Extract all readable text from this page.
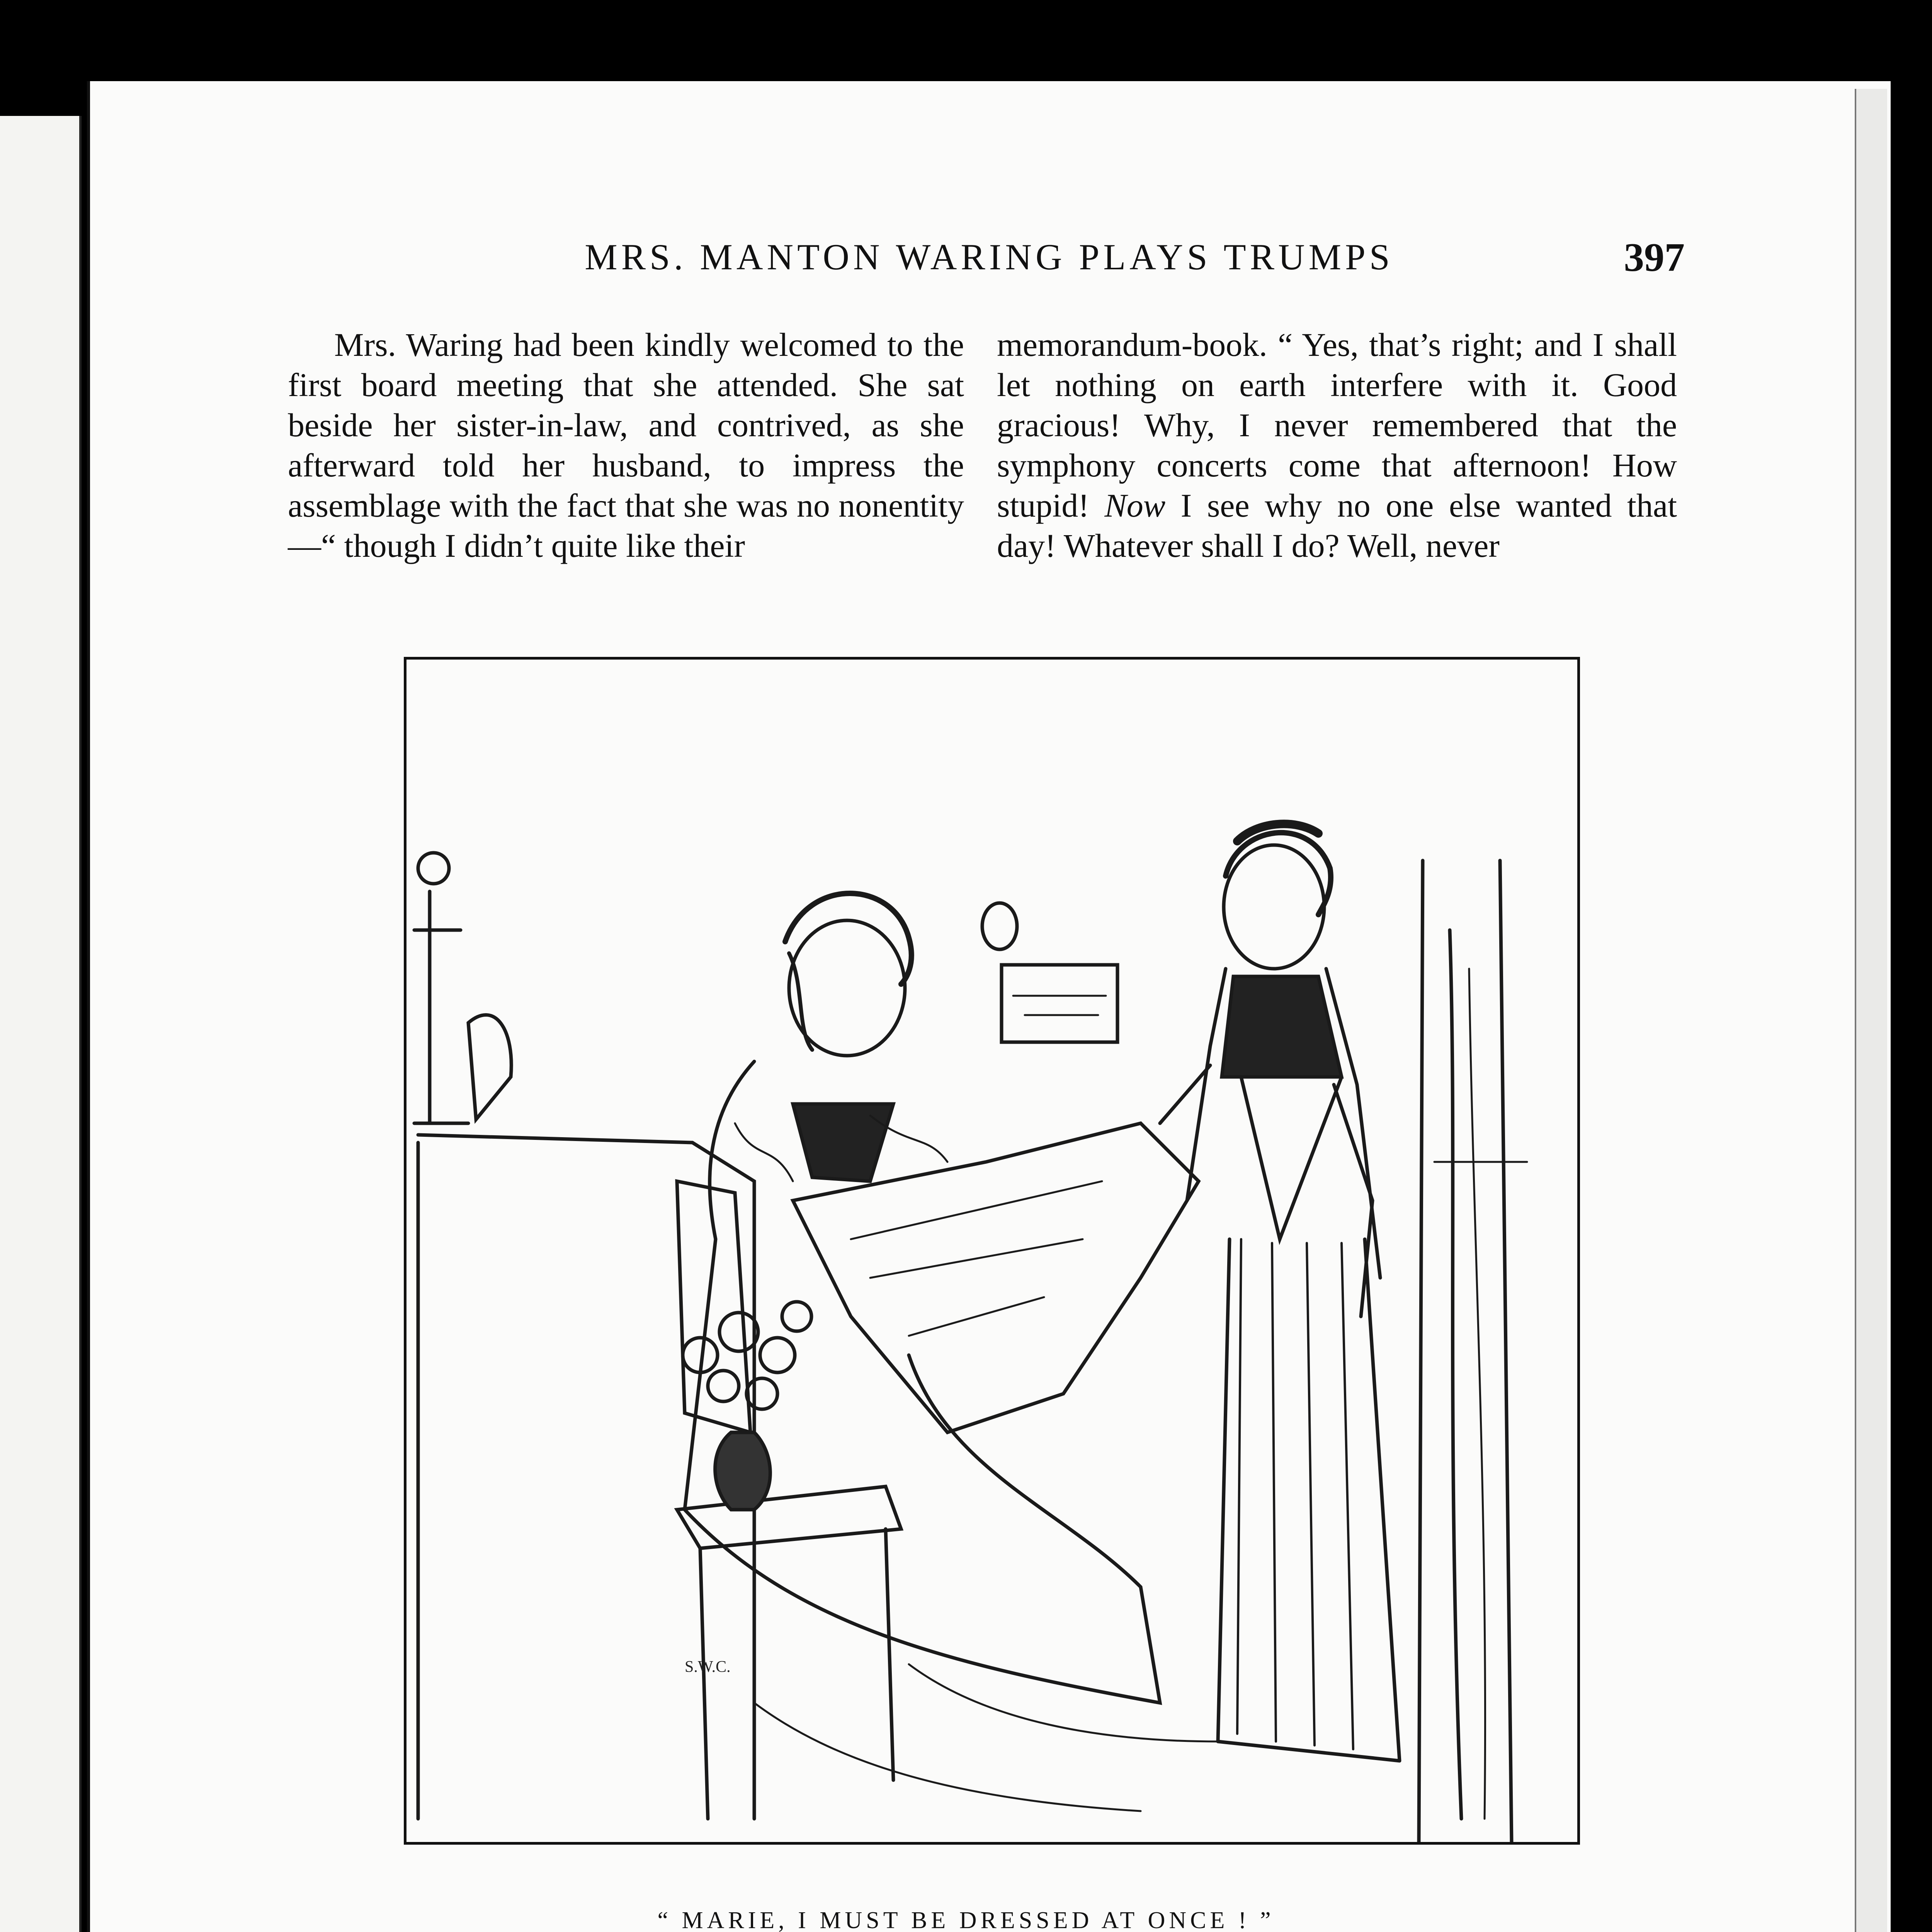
MRS. MANTON WARING PLAYS TRUMPS	397

Mrs. Waring had been kindly welcomed to the first board meeting that she attended. She sat beside her sister-in-law, and contrived, as she afterward told her husband, to impress the assemblage with the fact that she was no nonentity —“ though I didn’t quite like their

memorandum-book. “ Yes, that’s right; and I shall let nothing on earth interfere with it. Good gracious! Why, I never remembered that the symphony concerts come that afternoon! How stupid! Now I see why no one else wanted that day! Whatever shall I do? Well, never

S.W.C.
“ MARIE, I MUST BE DRESSED AT ONCE ! ”
